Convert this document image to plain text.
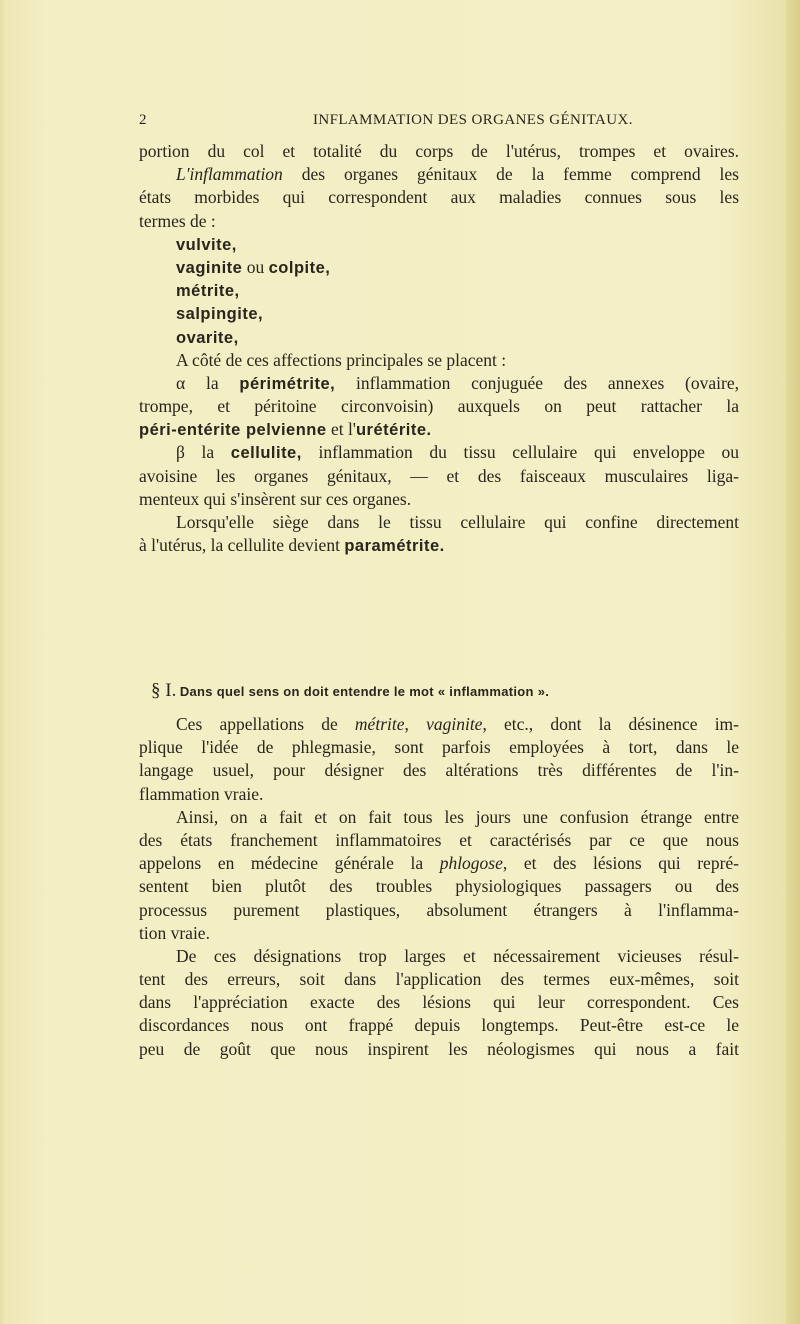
2	INFLAMMATION DES ORGANES GÉNITAUX.
portion du col et totalité du corps de l'utérus, trompes et ovaires.
L'inflammation des organes génitaux de la femme comprend les
états morbides qui correspondent aux maladies connues sous les
termes de :
vulvite,
vaginite ou colpite,
métrite,
salpingite,
ovarite,
A côté de ces affections principales se placent :
α la périmétrite, inflammation conjuguée des annexes (ovaire,
trompe, et péritoine circonvoisin) auxquels on peut rattacher la
péri-entérite pelvienne et l'urétérite.
β la cellulite, inflammation du tissu cellulaire qui enveloppe ou
avoisine les organes génitaux, — et des faisceaux musculaires liga-
menteux qui s'insèrent sur ces organes.
Lorsqu'elle siège dans le tissu cellulaire qui confine directement
à l'utérus, la cellulite devient paramétrite.
§ I. Dans quel sens on doit entendre le mot « inflammation ».
Ces appellations de métrite, vaginite, etc., dont la désinence im-
plique l'idée de phlegmasie, sont parfois employées à tort, dans le
langage usuel, pour désigner des altérations très différentes de l'in-
flammation vraie.
Ainsi, on a fait et on fait tous les jours une confusion étrange entre
des états franchement inflammatoires et caractérisés par ce que nous
appelons en médecine générale la phlogose, et des lésions qui repré-
sentent bien plutôt des troubles physiologiques passagers ou des
processus purement plastiques, absolument étrangers à l'inflamma-
tion vraie.
De ces désignations trop larges et nécessairement vicieuses résul-
tent des erreurs, soit dans l'application des termes eux-mêmes, soit
dans l'appréciation exacte des lésions qui leur correspondent. Ces
discordances nous ont frappé depuis longtemps. Peut-être est-ce le
peu de goût que nous inspirent les néologismes qui nous a fait
